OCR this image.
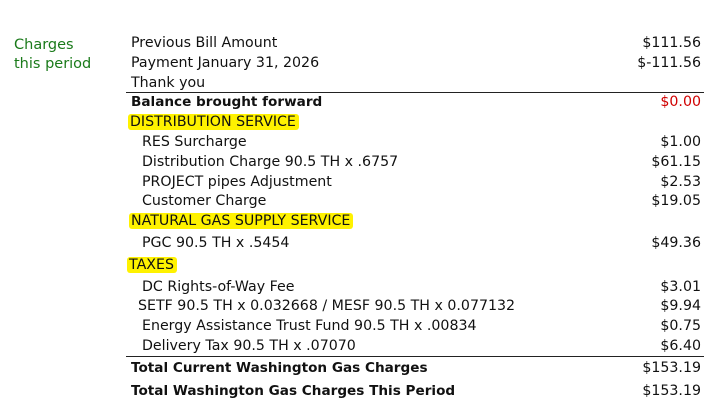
Charges
this period
Previous Bill Amount	$111.56
Payment January 31, 2026	$-111.56
Thank you
Balance brought forward	$0.00
DISTRIBUTION SERVICE
RES Surcharge	$1.00
Distribution Charge 90.5 TH x .6757	$61.15
PROJECT pipes Adjustment	$2.53
Customer Charge	$19.05
NATURAL GAS SUPPLY SERVICE
PGC 90.5 TH x .5454	$49.36
TAXES
DC Rights-of-Way Fee	$3.01
SETF 90.5 TH x 0.032668 / MESF 90.5 TH x 0.077132	$9.94
Energy Assistance Trust Fund 90.5 TH x .00834	$0.75
Delivery Tax 90.5 TH x .07070	$6.40
Total Current Washington Gas Charges	$153.19
Total Washington Gas Charges This Period	$153.19
